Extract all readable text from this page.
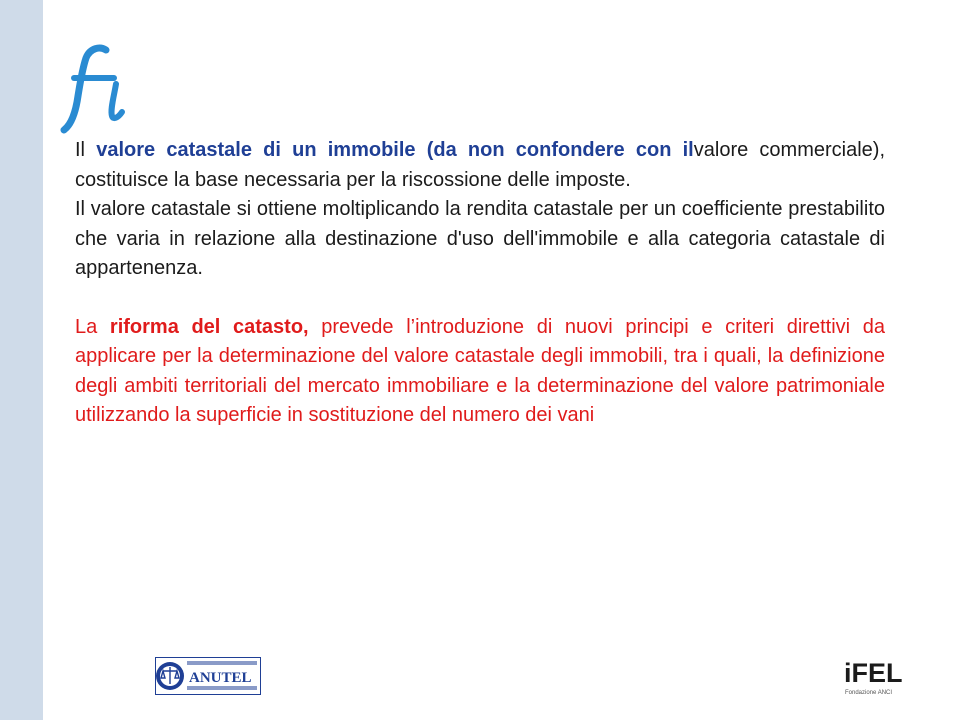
Il valore catastale di un immobile (da non confondere con ilvalore commerciale), costituisce la base necessaria per la riscossione delle imposte.

Il valore catastale si ottiene moltiplicando la rendita catastale per un coefficiente prestabilito che varia in relazione alla destinazione d'uso dell'immobile e alla categoria catastale di appartenenza.

La riforma del catasto, prevede l’introduzione di nuovi principi e criteri direttivi da applicare per la determinazione del valore catastale degli immobili, tra i quali, la definizione degli ambiti territoriali del mercato immobiliare e la determinazione del valore patrimoniale utilizzando la superficie in sostituzione del numero dei vani

ANUTEL	iFEL
Fondazione ANCI
